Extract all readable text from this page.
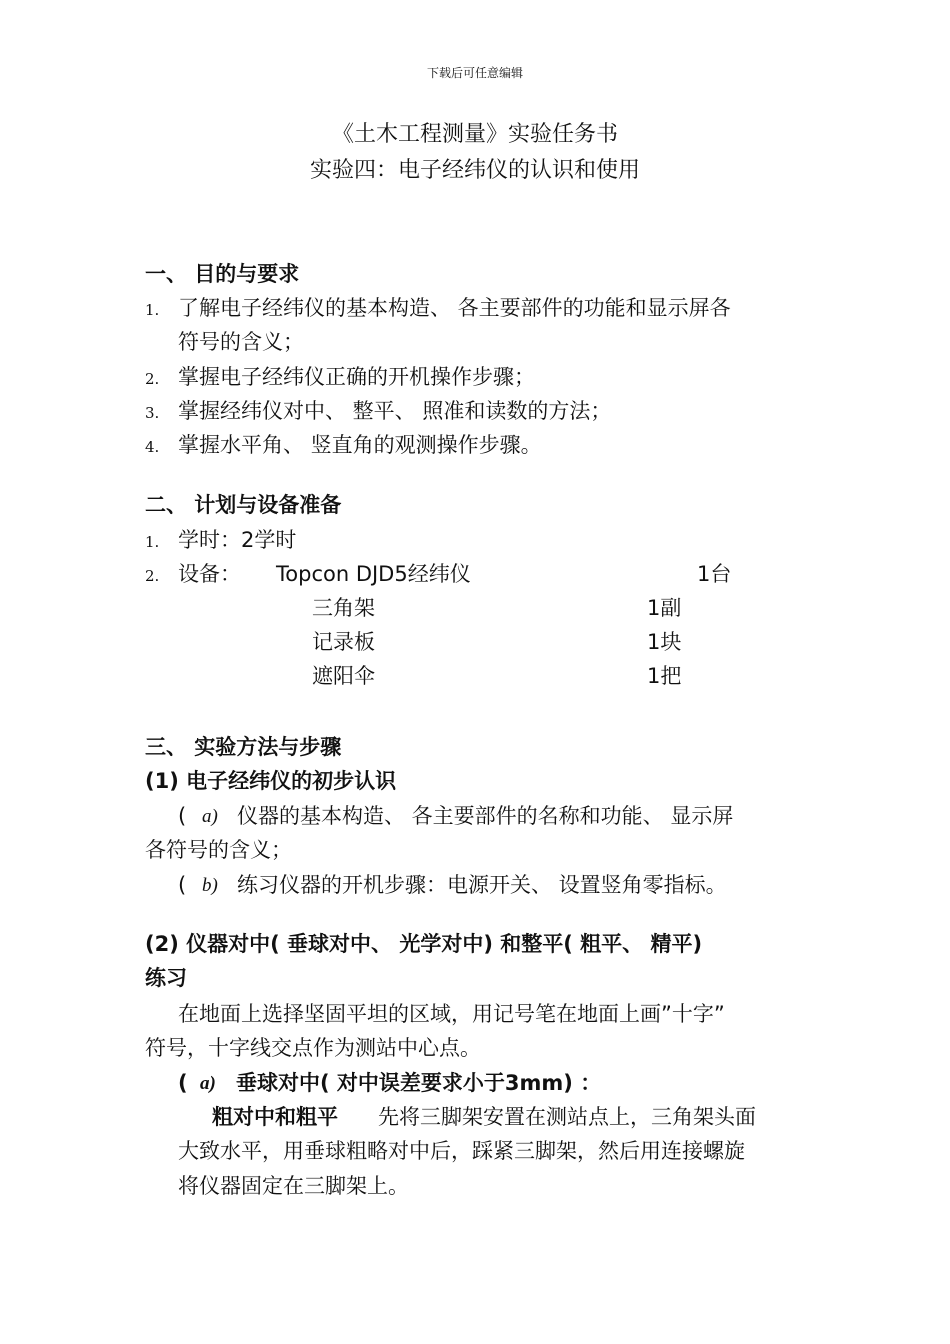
下载后可任意编辑
《土木工程测量》实验任务书
实验四：电子经纬仪的认识和使用
一、 目的与要求
1. 了解电子经纬仪的基本构造、 各主要部件的功能和显示屏各
符号的含义；
2. 掌握电子经纬仪正确的开机操作步骤；
3. 掌握经纬仪对中、 整平、 照准和读数的方法；
4. 掌握水平角、 竖直角的观测操作步骤。
二、 计划与设备准备
1. 学时：2学时
2. 设备： Topcon DJD5经纬仪	1台
三角架	1副
记录板	1块
遮阳伞	1把
三、 实验方法与步骤
(1) 电子经纬仪的初步认识
( a) 仪器的基本构造、 各主要部件的名称和功能、 显示屏
各符号的含义；
( b) 练习仪器的开机步骤：电源开关、 设置竖角零指标。
(2) 仪器对中( 垂球对中、 光学对中) 和整平( 粗平、 精平)
练习
在地面上选择坚固平坦的区域，用记号笔在地面上画”十字”
符号，十字线交点作为测站中心点。
( a) 垂球对中( 对中误差要求小于3mm) ：
粗对中和粗平 先将三脚架安置在测站点上，三角架头面
大致水平，用垂球粗略对中后，踩紧三脚架，然后用连接螺旋
将仪器固定在三脚架上。
